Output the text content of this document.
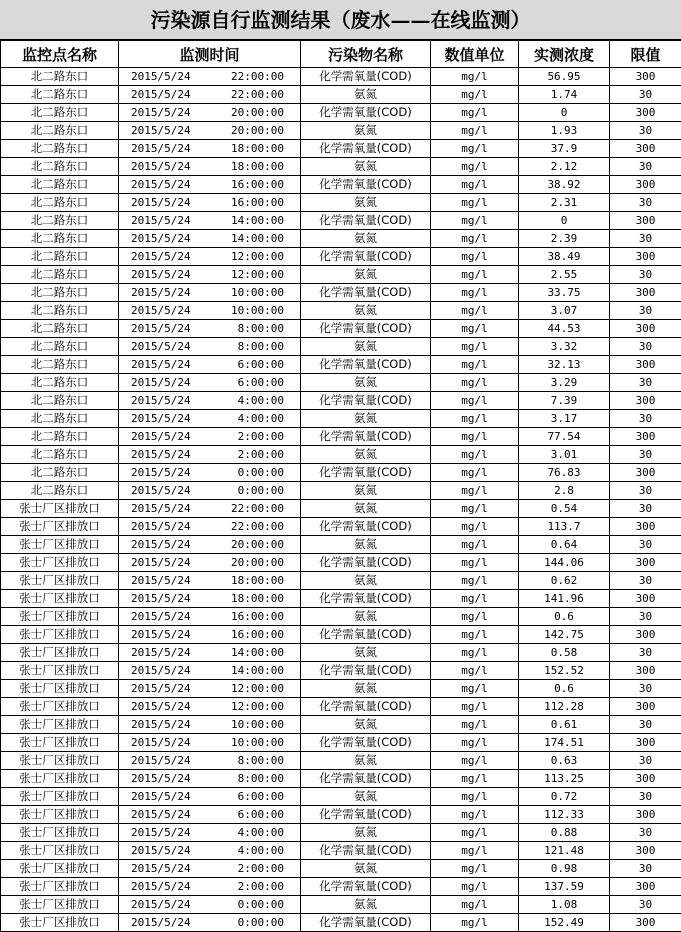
污染源自行监测结果（废水——在线监测）
监控点名称	监测时间	污染物名称	数值单位	实测浓度	限值
北二路东口	2015/5/24 22:00:00	化学需氧量(COD)	mg/l	56.95	300
北二路东口	2015/5/24 22:00:00	氨氮	mg/l	1.74	30
北二路东口	2015/5/24 20:00:00	化学需氧量(COD)	mg/l	0	300
北二路东口	2015/5/24 20:00:00	氨氮	mg/l	1.93	30
北二路东口	2015/5/24 18:00:00	化学需氧量(COD)	mg/l	37.9	300
北二路东口	2015/5/24 18:00:00	氨氮	mg/l	2.12	30
北二路东口	2015/5/24 16:00:00	化学需氧量(COD)	mg/l	38.92	300
北二路东口	2015/5/24 16:00:00	氨氮	mg/l	2.31	30
北二路东口	2015/5/24 14:00:00	化学需氧量(COD)	mg/l	0	300
北二路东口	2015/5/24 14:00:00	氨氮	mg/l	2.39	30
北二路东口	2015/5/24 12:00:00	化学需氧量(COD)	mg/l	38.49	300
北二路东口	2015/5/24 12:00:00	氨氮	mg/l	2.55	30
北二路东口	2015/5/24 10:00:00	化学需氧量(COD)	mg/l	33.75	300
北二路东口	2015/5/24 10:00:00	氨氮	mg/l	3.07	30
北二路东口	2015/5/24 8:00:00	化学需氧量(COD)	mg/l	44.53	300
北二路东口	2015/5/24 8:00:00	氨氮	mg/l	3.32	30
北二路东口	2015/5/24 6:00:00	化学需氧量(COD)	mg/l	32.13	300
北二路东口	2015/5/24 6:00:00	氨氮	mg/l	3.29	30
北二路东口	2015/5/24 4:00:00	化学需氧量(COD)	mg/l	7.39	300
北二路东口	2015/5/24 4:00:00	氨氮	mg/l	3.17	30
北二路东口	2015/5/24 2:00:00	化学需氧量(COD)	mg/l	77.54	300
北二路东口	2015/5/24 2:00:00	氨氮	mg/l	3.01	30
北二路东口	2015/5/24 0:00:00	化学需氧量(COD)	mg/l	76.83	300
北二路东口	2015/5/24 0:00:00	氨氮	mg/l	2.8	30
张士厂区排放口	2015/5/24 22:00:00	氨氮	mg/l	0.54	30
张士厂区排放口	2015/5/24 22:00:00	化学需氧量(COD)	mg/l	113.7	300
张士厂区排放口	2015/5/24 20:00:00	氨氮	mg/l	0.64	30
张士厂区排放口	2015/5/24 20:00:00	化学需氧量(COD)	mg/l	144.06	300
张士厂区排放口	2015/5/24 18:00:00	氨氮	mg/l	0.62	30
张士厂区排放口	2015/5/24 18:00:00	化学需氧量(COD)	mg/l	141.96	300
张士厂区排放口	2015/5/24 16:00:00	氨氮	mg/l	0.6	30
张士厂区排放口	2015/5/24 16:00:00	化学需氧量(COD)	mg/l	142.75	300
张士厂区排放口	2015/5/24 14:00:00	氨氮	mg/l	0.58	30
张士厂区排放口	2015/5/24 14:00:00	化学需氧量(COD)	mg/l	152.52	300
张士厂区排放口	2015/5/24 12:00:00	氨氮	mg/l	0.6	30
张士厂区排放口	2015/5/24 12:00:00	化学需氧量(COD)	mg/l	112.28	300
张士厂区排放口	2015/5/24 10:00:00	氨氮	mg/l	0.61	30
张士厂区排放口	2015/5/24 10:00:00	化学需氧量(COD)	mg/l	174.51	300
张士厂区排放口	2015/5/24 8:00:00	氨氮	mg/l	0.63	30
张士厂区排放口	2015/5/24 8:00:00	化学需氧量(COD)	mg/l	113.25	300
张士厂区排放口	2015/5/24 6:00:00	氨氮	mg/l	0.72	30
张士厂区排放口	2015/5/24 6:00:00	化学需氧量(COD)	mg/l	112.33	300
张士厂区排放口	2015/5/24 4:00:00	氨氮	mg/l	0.88	30
张士厂区排放口	2015/5/24 4:00:00	化学需氧量(COD)	mg/l	121.48	300
张士厂区排放口	2015/5/24 2:00:00	氨氮	mg/l	0.98	30
张士厂区排放口	2015/5/24 2:00:00	化学需氧量(COD)	mg/l	137.59	300
张士厂区排放口	2015/5/24 0:00:00	氨氮	mg/l	1.08	30
张士厂区排放口	2015/5/24 0:00:00	化学需氧量(COD)	mg/l	152.49	300
